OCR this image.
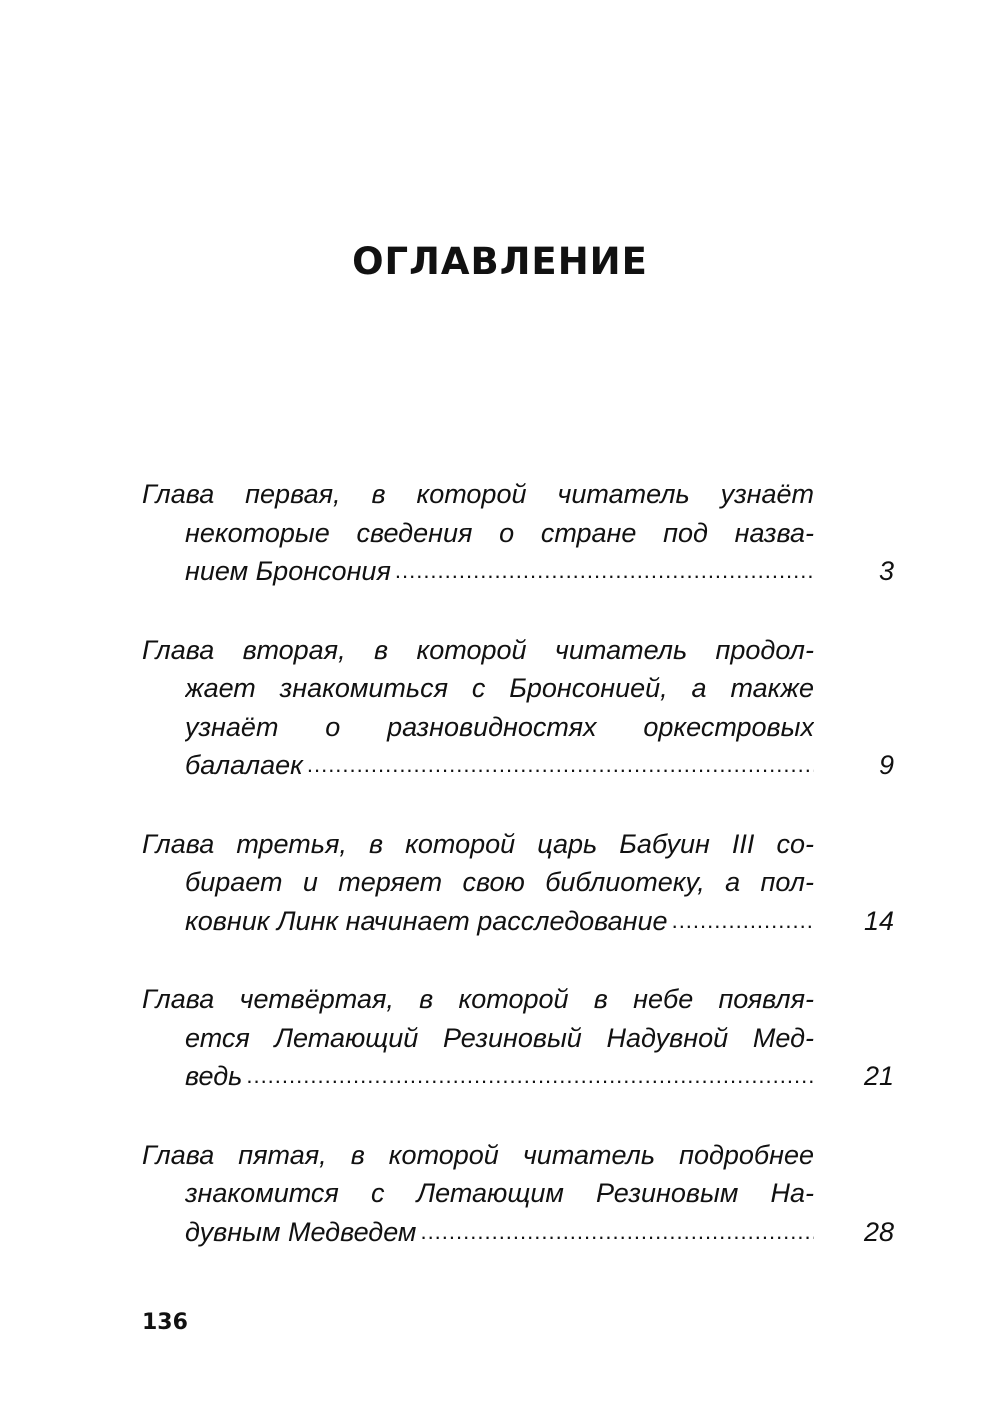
ОГЛАВЛЕНИЕ
Глава первая, в которой читатель узнаёт
некоторые сведения о стране под назва-
нием Бронсония .....	3
Глава вторая, в которой читатель продол-
жает знакомиться с Бронсонией, а также
узнаёт о разновидностях оркестровых
балалаек .....	9
Глава третья, в которой царь Бабуин III со-
бирает и теряет свою библиотеку, а пол-
ковник Линк начинает расследование .....	14
Глава четвёртая, в которой в небе появля-
ется Летающий Резиновый Надувной Мед-
ведь .....	21
Глава пятая, в которой читатель подробнее
знакомится с Летающим Резиновым На-
дувным Медведем .....	28
136
